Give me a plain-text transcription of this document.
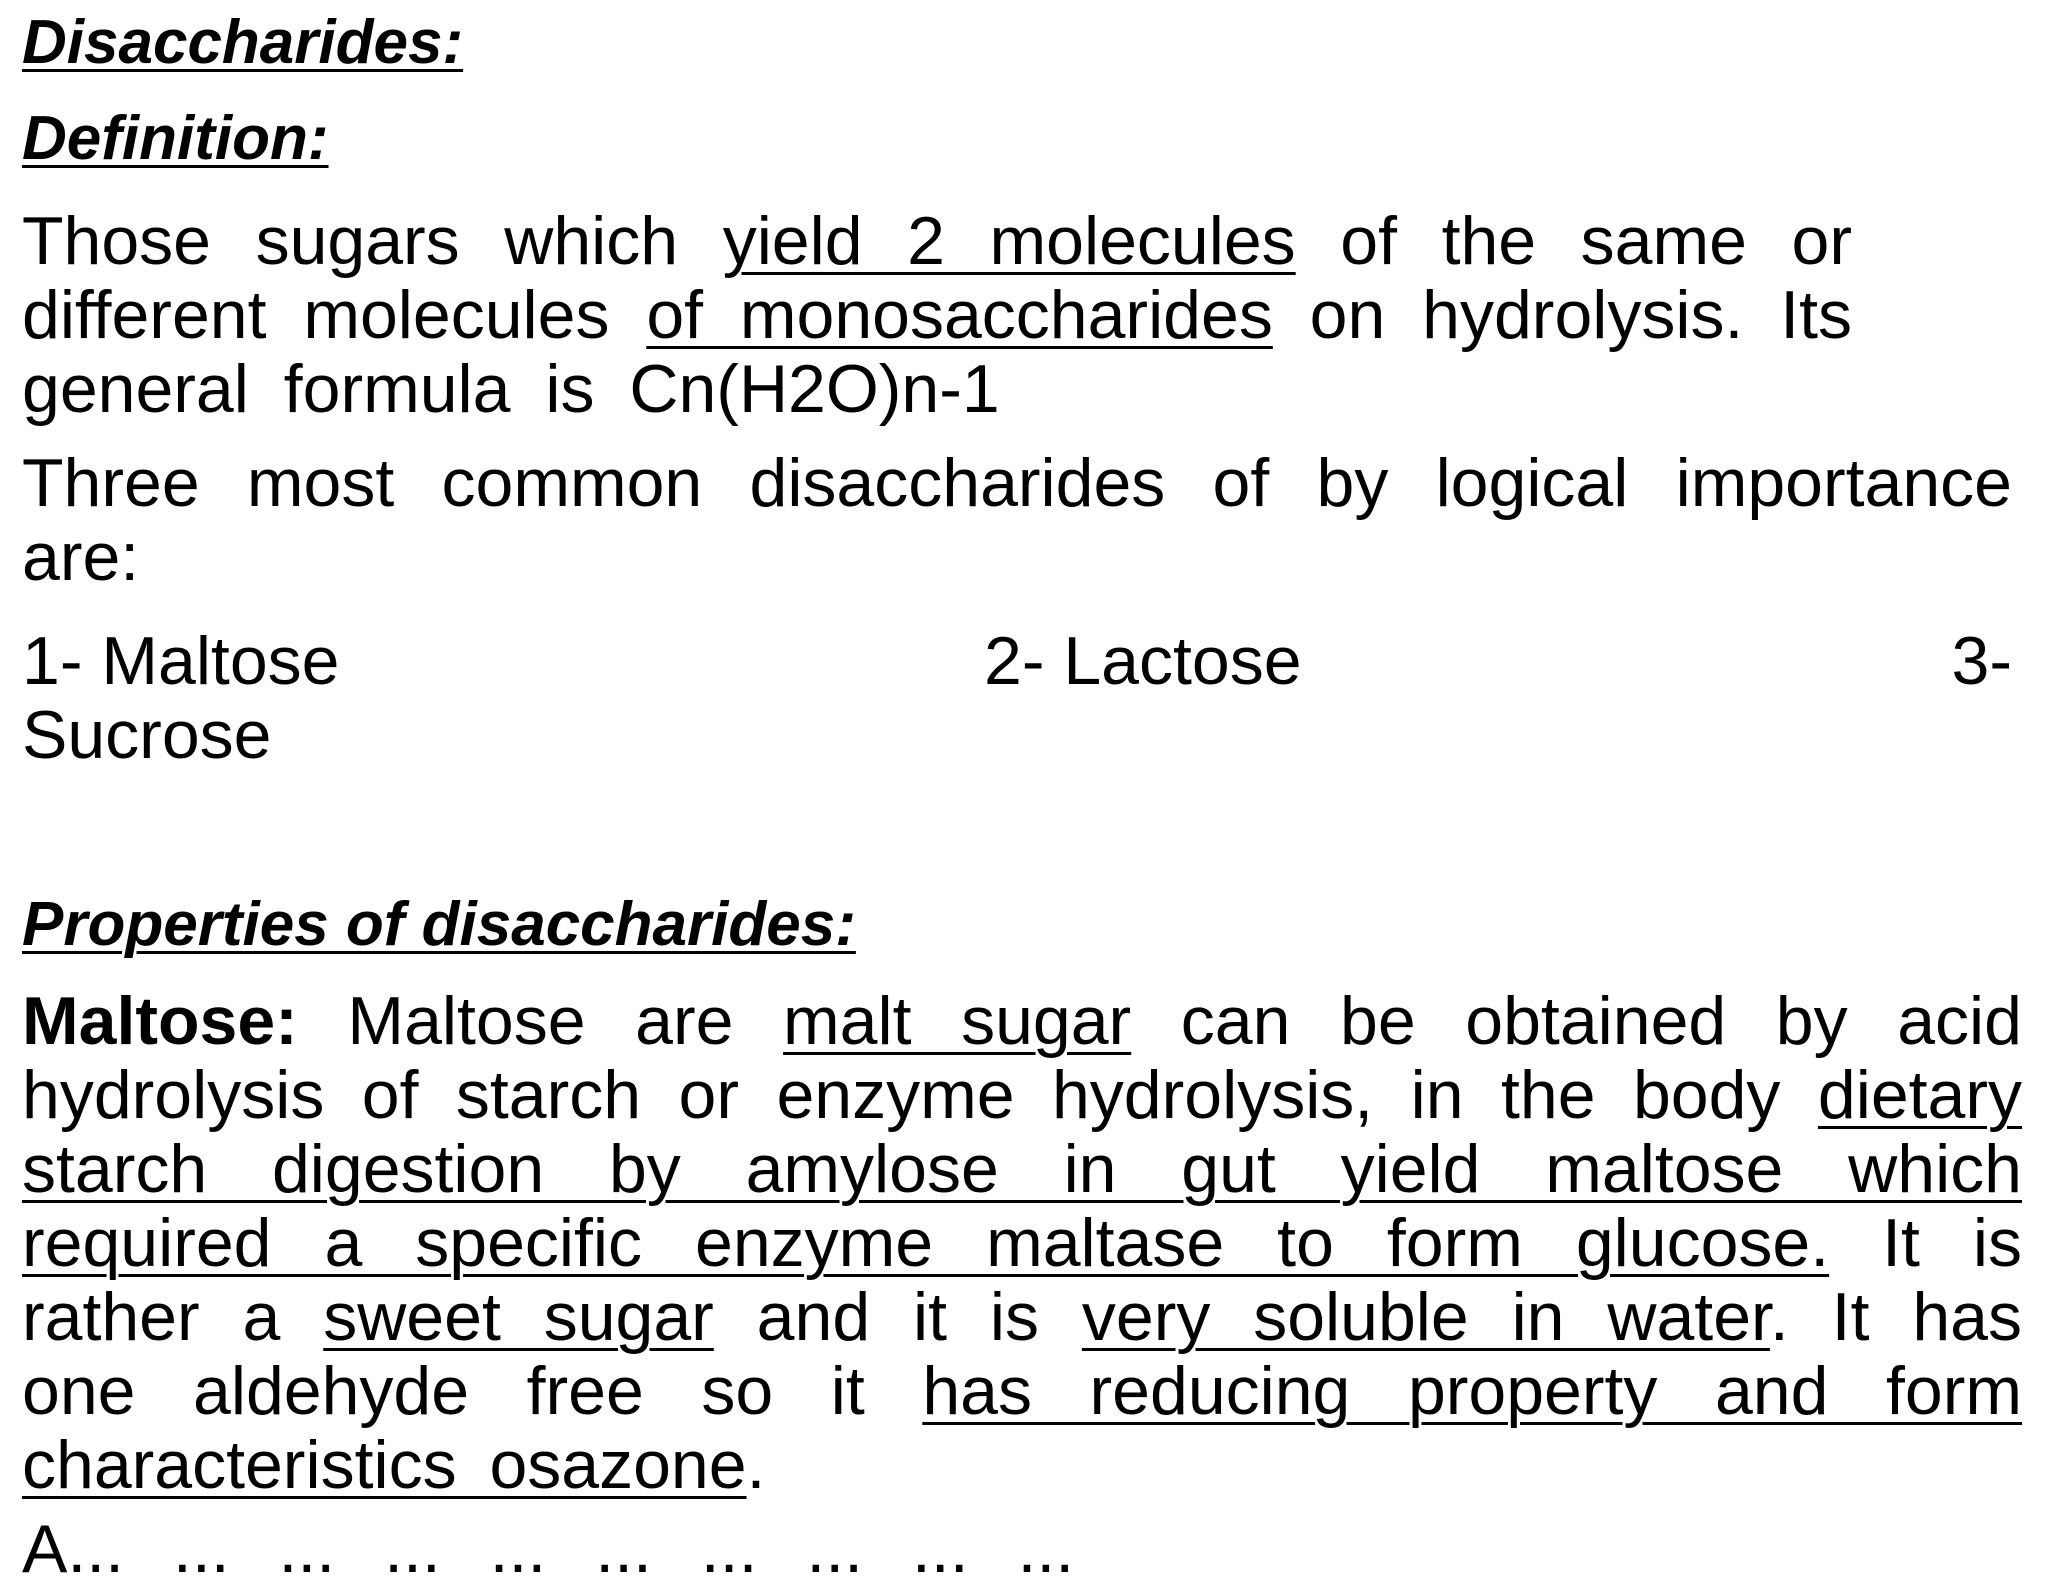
Disaccharides:

Definition:

Those sugars which yield 2 molecules of the same or different molecules of monosaccharides on hydrolysis. Its general formula is Cn(H2O)n-1

Three most common disaccharides of by logical importance are:

1- Maltose	2- Lactose	3-
Sucrose

Properties of disaccharides:

Maltose: Maltose are malt sugar can be obtained by acid hydrolysis of starch or enzyme hydrolysis, in the body dietary starch digestion by amylose in gut yield maltose which required a specific enzyme maltase to form glucose. It is rather a sweet sugar and it is very soluble in water. It has one aldehyde free so it has reducing property and form characteristics osazone.

A... ... ... ... ... ... ... ... ... ...
